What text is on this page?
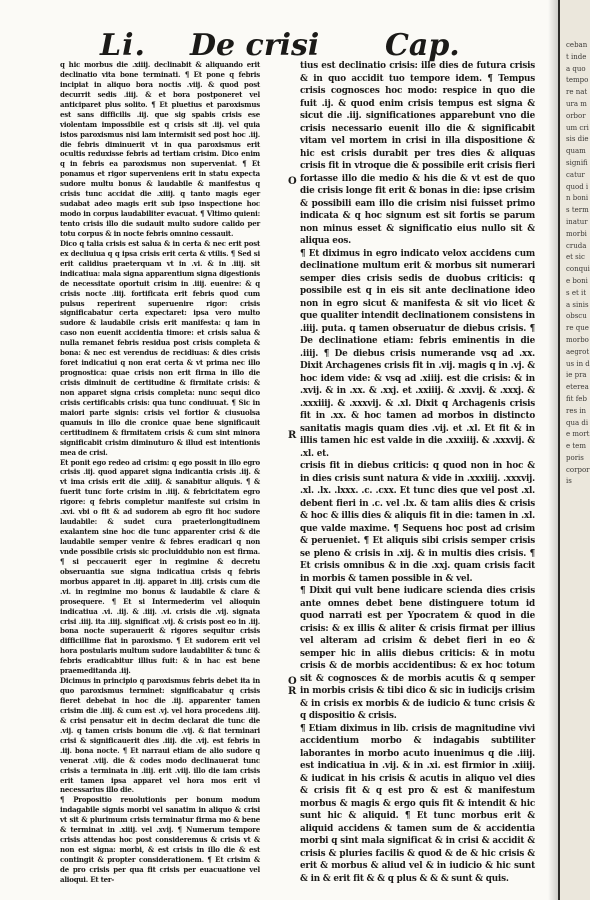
Li. De crisi Cap.

q hic morbus die .xiiij. declinabit & aliquando erit declinatio vita bone terminati. ¶ Et pone q febris incipiat in aliquo bora noctis .viij. & quod post decurrit sedis .iiij. & et bora postponeret vel anticiparet plus solito. ¶ Et pluetius et paroxismus est sans difficilis .iij. que sig spabis crisis ese violentam impossibile est q crisis sit .iij. vel quia istos paroxismus nisi lam intermisit sed post hoc .iij. die febris diminuerit vt in qua paroxismus erit ocultis reduxisse febris ad tertiam crisim. Dico enim q in febris ea paroxismus non superveniat. ¶ Et ponamus et rigor superveniens erit in statu expecta sudore multu bonus & laudabile & manifestus q crisis tunc accidat die .xiiij. q tanto magis eger sudabat adeo magis erit sub ipso inspectione hoc modo in corpus laudabiliter evacuat. ¶ Vltimo quieni: tento crisis illo die sudauit multo sudore calido per totu corpus & in nocte febris omnino cessauit.

Dico q talia crisis est salua & in certa & nec erit post ex decliuiua q q ipsa crisis erit certa & vtilis. ¶ Sed si erit calidius praeterquam vt in .vi. & in .iiij. sit indicatiua: mala signa apparentium signa digestionis de necessitate oportuit crisim in .iiij. euenire: & q crisis nocte .iiij. fortificata erit febris quod cum pulsus reperirent superuenire rigor: crisis significabatur certa expectaret: ipsa vero multo sudore & laudabile crisis erit manifesta: q iam in caso non euenit accidentia timore: et crisis salua & nulla remanet febris residua post crisis completa & bona: & nec est verendus de recidiuas: & dies crisis foret indicatiui q non erat certa & vt prima nec illo prognostica: quae crisis non erit firma in illo die crisis diminuit de certitudine & firmitate crisis: & non apparet signa crisis completa: nunc sequi dico crisis certificabis crisis: qua tunc condiuuat. ¶ Sic in maiori parte signis: crisis vel fortior & ciusuolsa quamuis in illo die cronice quae bene significauit certitudinem & firmitatem crisis & cum sint minora significabit crisim diminuturo & illud est intentionis mea de crisi.

Et ponit ego redeo ad crisim: q ego possit in illo egro crisis .iij. quod apparet signa indicantia crisis .iij. & vt ima crisis erit die .xiiij. & sanabitur aliquis. ¶ & fuerit tunc forte crisim in .iiij. & febricitatem egro rigore: q febris completur manifeste sui crisim in .xvi. vbi o fit & ad sudorem ab egro fit hoc sudore laudabile: & sudet cura praeterlongitudinem exalantem sine hoc die tunc apparenter crisi & die laudabile semper venire & febres eradicari q non vnde possibile crisis sic procluiddubio non est firma. ¶ si peccauerit eger in regimine & decretu obseruantia sue signa indicatiua crisis q febris morbus apparet in .iij. apparet in .iiij. crisis cum die .vi. in regimine mo bonus & laudabile & clare & prosequere. ¶ Et si Intermederim vel alioquin indicatiua .vi. .iij. & .iiij. .vi. crisis die .vij. signata crisi .iiij. ita .iiij. significat .vij. & crisis post eo in .iij. bona nocte superauerit & rigores sequitur crisis difficillime fiat in paroxismo. ¶ Et sudorem erit vel hora postularis multum sudore laudabiliter & tunc & febris eradicabitur illius fuit: & in hac est bene praemeditanda .iij.

Dicimus in principio q paroxismus febris debet ita in quo paroxismus terminet: significabatur q crisis fieret debebat in hoc die .iij. apparenter tamen crisim die .iiij. & cum est .vj. vel hora procedens .iiij. & crisi pensatur eit in decim declarat die tunc die .vij. q tamen crisis bonum die .vij. & fiat terminari crisi & significauerit dies .iiij. die .vij. est febris in .iij. bona nocte. ¶ Et narraui etiam de alio sudore q venerat .viij. die & codes modo declinauerat tunc crisis a terminata in .iiij. erit .viij. illo die iam crisis erit tamen ipsa apparet vel hora mos erit vl necessarius illo die.

¶ Propositio reuolutionis per bonum modum indagabile signis morbi vel sanatim in aliquo & crisi vt sit & plurimum crisis terminatur firma mo & bene & terminat in .xiiij. vel .xvij. ¶ Numerum tempore crisis attendas hoc post consideremus & crisis vt & non est signa: morbi, & est crisis in illo die & est contingit & propter considerationem. ¶ Et crisim & de pro crisis per qua fit crisis per euacuatione vel alioqui. Et ter-

tius est declinatio crisis: ille dies de futura crisis & in quo accidit tuo tempore idem. ¶ Tempus crisis cognosces hoc modo: respice in quo die fuit .ij. & quod enim crisis tempus est signa & sicut die .iij. significationes apparebunt vno die crisis necessario euenit illo die & significabit vitam vel mortem in crisi in illa dispositione & hic est crisis durabit per tres dies & aliquas crisis fit in vtroque die & possibile erit crisis fieri fortasse illo die medio & his die & vt est de quo die crisis longe fit erit & bonas in die: ipse crisim & possibili eam illo die crisim nisi fuisset primo indicata & q hoc signum est sit fortis se parum non minus esset & significatio eius nullo sit & aliqua eos.

¶ Et diximus in egro indicato velox accidens cum declinatione multum erit & morbus sit numerari semper dies crisis sedis de duobus criticis: q possibile est q in eis sit ante declinatione ideo non in egro sicut & manifesta & sit vio licet & que qualiter intendit declinationem consistens in .iiij. puta. q tamen obseruatur de diebus crisis. ¶ De declinatione etiam: febris eminentis in die .iiij. ¶ De diebus crisis numerande vsq ad .xx. Dixit Archagenes crisis fit in .vij. magis q in .vj. & hoc idem vide: & vsq ad .xiiij. est die crisis: & in .xvij. & in .xx. & .xxj. et .xxiiij. & .xxvij. & .xxxj. & .xxxiiij. & .xxxvij. & .xl. Dixit q Archagenis crisis fit in .xx. & hoc tamen ad morbos in distincto sanitatis magis quam dies .vij. et .xl. Et fit & in illis tamen hic est valde in die .xxxiiij. & .xxxvij. & .xl. et.

crisis fit in diebus criticis: q quod non in hoc & in dies crisis sunt natura & vide in .xxxiiij. .xxxvij. .xl. .lx. .lxxx. .c. .cxx. Et tunc dies que vel post .xl. debent fieri in .c. vel .lx. & tam aliis dies & crisis & hoc & illis dies & aliquis fit in die: tamen in .xl. que valde maxime. ¶ Sequens hoc post ad crisim & perueniet. ¶ Et aliquis sibi crisis semper crisis se pleno & crisis in .xij. & in multis dies crisis. ¶ Et crisis omnibus & in die .xxj. quam crisis facit in morbis & tamen possible in & vel.

¶ Dixit qui vult bene iudicare scienda dies crisis ante omnes debet bene distinguere totum id quod narrati est per Ypocratem & quod in die crisis: & ex illis & aliter & crisis firmat per illius vel alteram ad crisim & debet fieri in eo & semper hic in aliis diebus criticis: & in motu crisis & de morbis accidentibus: & ex hoc totum sit & cognosces & de morbis acutis & q semper in morbis crisis & tibi dico & sic in iudicijs crisim & in crisis ex morbis & de iudicio & tunc crisis & q dispositio & crisis.

¶ Etiam diximus in lib. crisis de magnitudine vivi accidentium morbo & indagabis subtiliter laborantes in morbo acuto inuenimus q die .iiij. est indicatiua in .vij. & in .xi. est firmior in .xiiij. & iudicat in his crisis & acutis in aliquo vel dies & crisis fit & q est pro & est & manifestum morbus & magis & ergo quis fit & intendit & hic sunt hic & aliquid. ¶ Et tunc morbus erit & aliquid accidens & tamen sum de & accidentia morbi q sint mala significat & in crisi & accidit & crisis & pluries facilis & quod & de & hic crisis & erit & morbus & aliud vel & in iudicio & hic sunt & in & erit fit & & q plus & & & sunt & quis.

O
R
O
R
cebant inde a quo tempore natura morborum crisis die quam significatur quod in bonis terminatur morbi cruda et sic conquie bonis et ita sinis obscure que morbo aegrotus in die praeterea fit febres in qua die morte temporis corporis
